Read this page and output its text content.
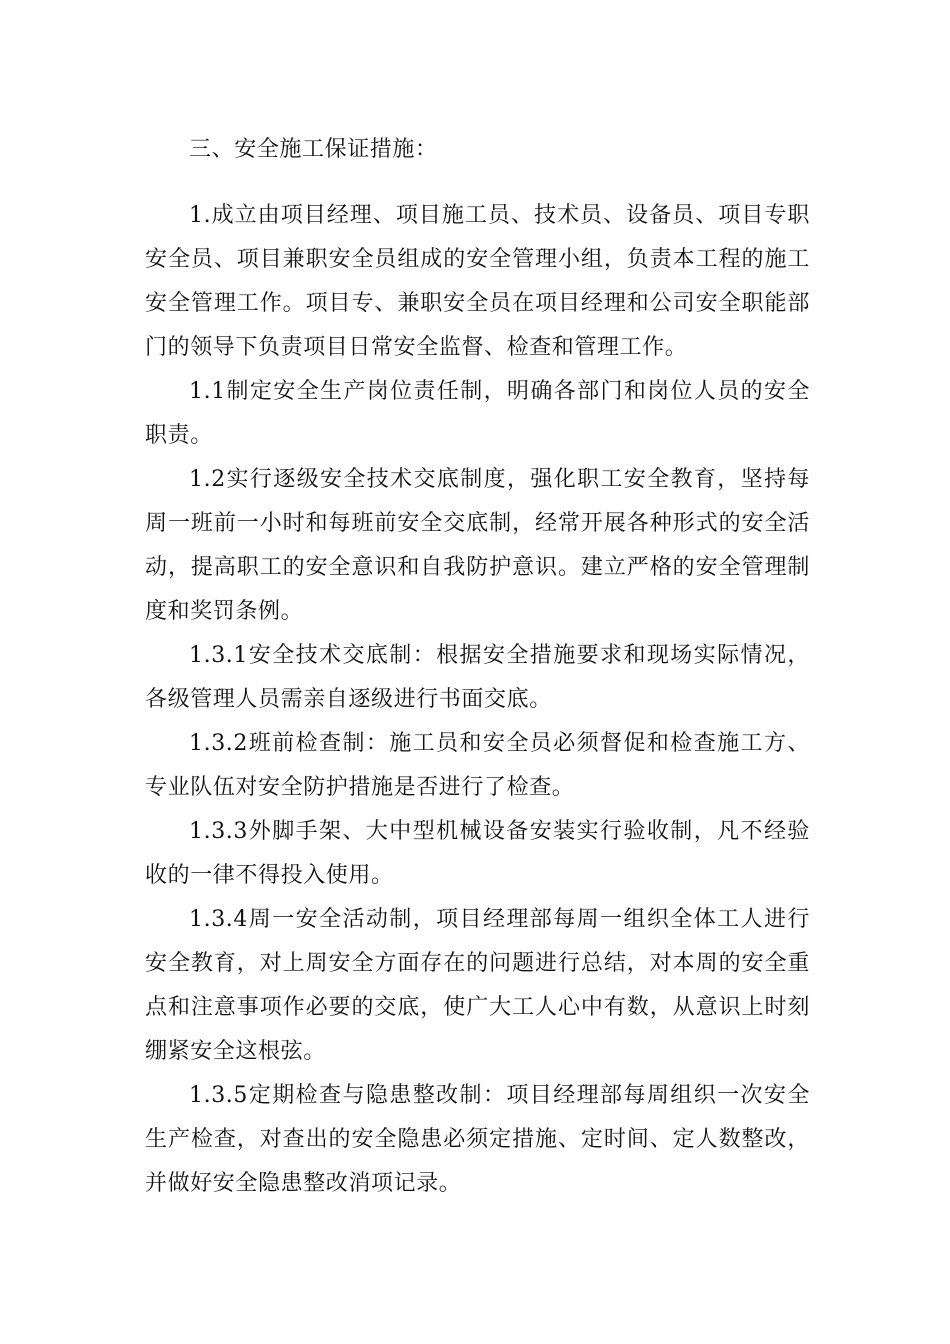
三、安全施工保证措施：

1.成立由项目经理、项目施工员、技术员、设备员、项目专职安全员、项目兼职安全员组成的安全管理小组，负责本工程的施工安全管理工作。项目专、兼职安全员在项目经理和公司安全职能部门的领导下负责项目日常安全监督、检查和管理工作。

1.1制定安全生产岗位责任制，明确各部门和岗位人员的安全职责。

1.2实行逐级安全技术交底制度，强化职工安全教育，坚持每周一班前一小时和每班前安全交底制，经常开展各种形式的安全活动，提高职工的安全意识和自我防护意识。建立严格的安全管理制度和奖罚条例。

1.3.1安全技术交底制：根据安全措施要求和现场实际情况，各级管理人员需亲自逐级进行书面交底。

1.3.2班前检查制：施工员和安全员必须督促和检查施工方、专业队伍对安全防护措施是否进行了检查。

1.3.3外脚手架、大中型机械设备安装实行验收制，凡不经验收的一律不得投入使用。

1.3.4周一安全活动制，项目经理部每周一组织全体工人进行安全教育，对上周安全方面存在的问题进行总结，对本周的安全重点和注意事项作必要的交底，使广大工人心中有数，从意识上时刻绷紧安全这根弦。

1.3.5定期检查与隐患整改制：项目经理部每周组织一次安全生产检查，对查出的安全隐患必须定措施、定时间、定人数整改，并做好安全隐患整改消项记录。
